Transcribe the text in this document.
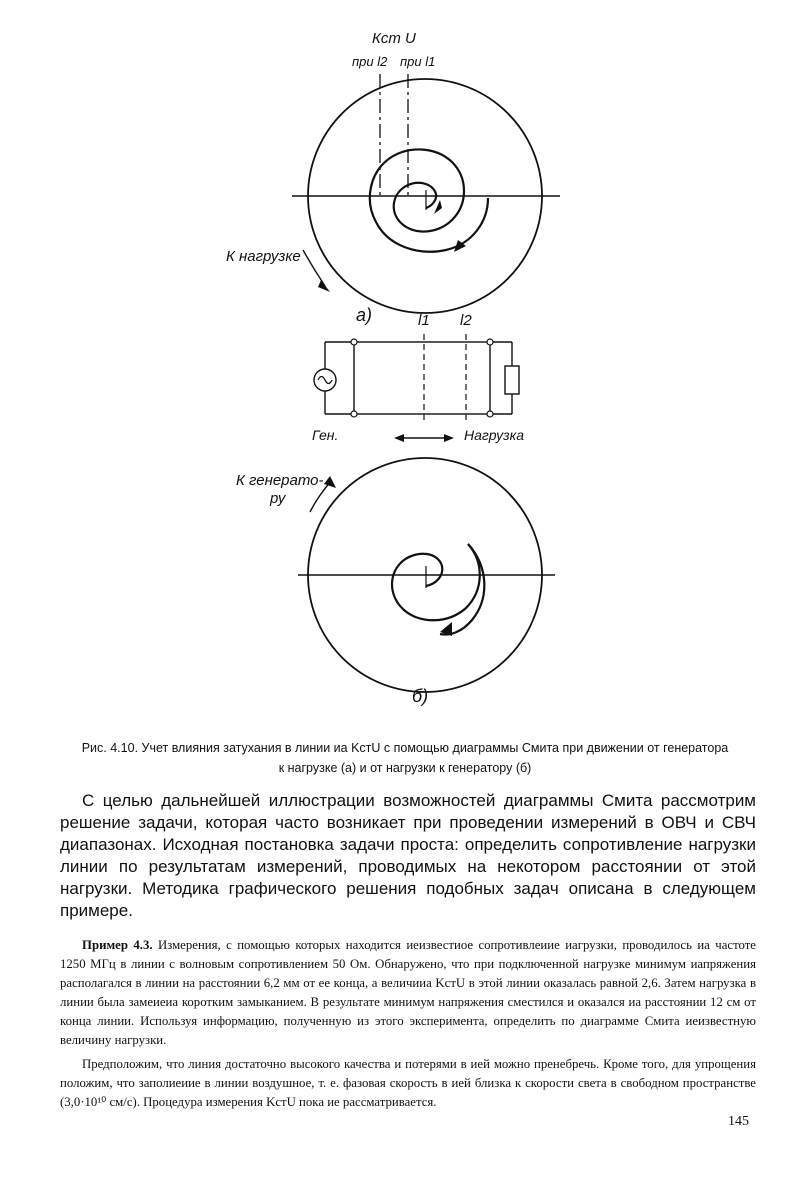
Кст U
при l2 при l1
К нагрузке
а)	l1 l2
Ген.	Нагрузка
К генерато-
ру
б)
Рис. 4.10. Учет влияния затухания в линии иа KстU с помощью диаграммы Смита при движении от генератора
к нагрузке (а) и от нагрузки к генератору (б)

С целью дальнейшей иллюстрации возможностей диаграммы Смита рассмотрим решение задачи, которая часто возникает при проведении измерений в ОВЧ и СВЧ диапазонах. Исходная постановка задачи проста: определить сопротивление нагрузки линии по результатам измерений, проводимых на некотором расстоянии от этой нагрузки. Методика графического решения подобных задач описана в следующем примере.

Пример 4.3. Измерения, с помощью которых находится иеизвестиое сопротивлеиие иагрузки, проводилось иа частоте 1250 МГц в линии с волновым сопротивлением 50 Ом. Обнаружено, что при подключенной нагрузке минимум иапряжения располагался в линии на расстоянии 6,2 мм от ее конца, а величииа KстU в этой линии оказалась равной 2,6. Затем нагрузка в линии была замеиеиа коротким замыканием. В результате минимум напряжения сместился и оказался иа расстоянии 12 см от конца линии. Используя информацию, полученную из этого эксперимента, определить по диаграмме Смита иеизвестную величину нагрузки.

Предположим, что линия достаточно высокого качества и потерями в ией можно пренебречь. Кроме того, для упрощения положим, что заполиеиие в линии воздушное, т. е. фазовая скорость в ией близка к скорости света в свободном пространстве (3,0·10¹⁰ см/с). Процедура измерения KстU пока ие рассматривается.

145
